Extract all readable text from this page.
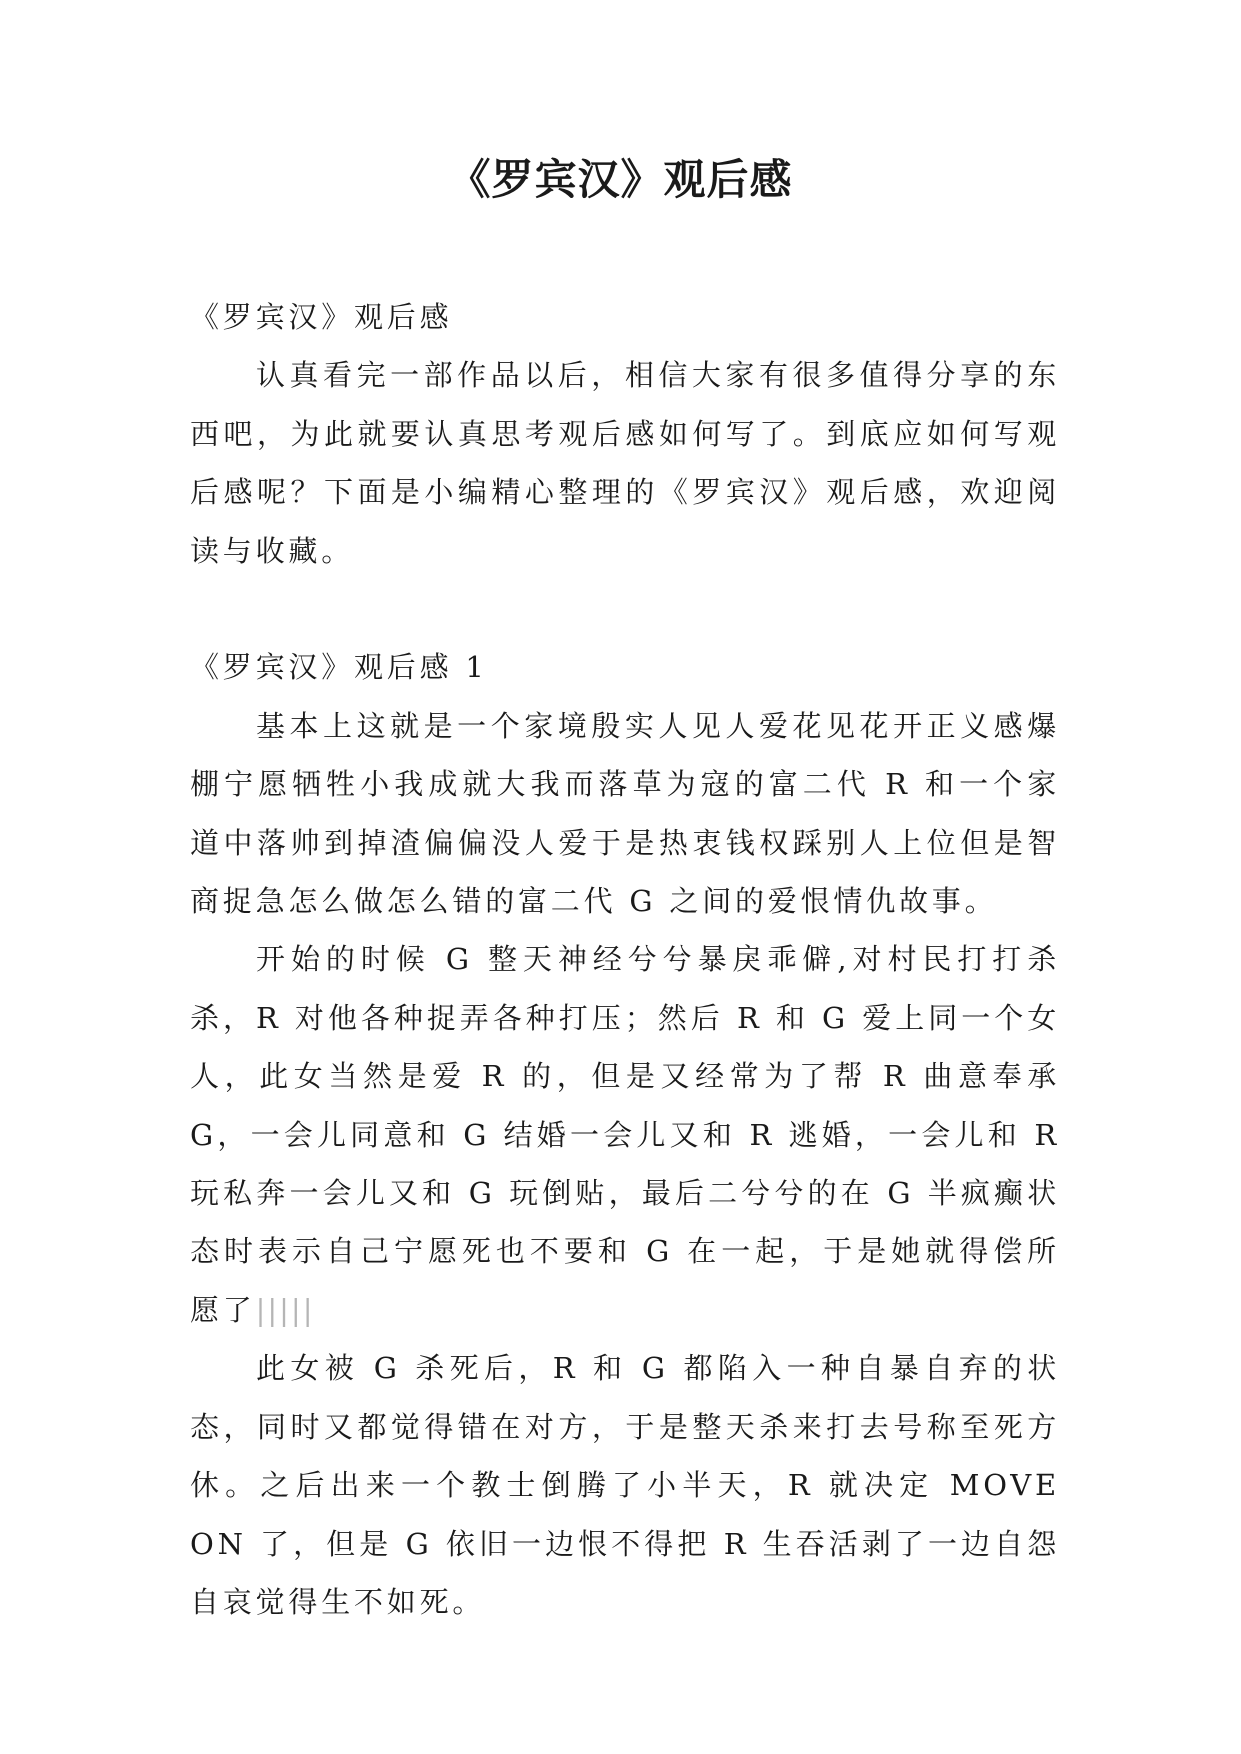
《罗宾汉》观后感

《罗宾汉》观后感

认真看完一部作品以后，相信大家有很多值得分享的东西吧，为此就要认真思考观后感如何写了。到底应如何写观后感呢？下面是小编精心整理的《罗宾汉》观后感，欢迎阅读与收藏。

《罗宾汉》观后感 1

基本上这就是一个家境殷实人见人爱花见花开正义感爆棚宁愿牺牲小我成就大我而落草为寇的富二代 R 和一个家道中落帅到掉渣偏偏没人爱于是热衷钱权踩别人上位但是智商捉急怎么做怎么错的富二代 G 之间的爱恨情仇故事。

开始的时候 G 整天神经兮兮暴戾乖僻,对村民打打杀杀，R 对他各种捉弄各种打压；然后 R 和 G 爱上同一个女人，此女当然是爱 R 的，但是又经常为了帮 R 曲意奉承 G，一会儿同意和 G 结婚一会儿又和 R 逃婚，一会儿和 R 玩私奔一会儿又和 G 玩倒贴，最后二兮兮的在 G 半疯癫状态时表示自己宁愿死也不要和 G 在一起，于是她就得偿所愿了|||||

此女被 G 杀死后，R 和 G 都陷入一种自暴自弃的状态，同时又都觉得错在对方，于是整天杀来打去号称至死方休。之后出来一个教士倒腾了小半天，R 就决定 MOVE ON 了，但是 G 依旧一边恨不得把 R 生吞活剥了一边自怨自哀觉得生不如死。
